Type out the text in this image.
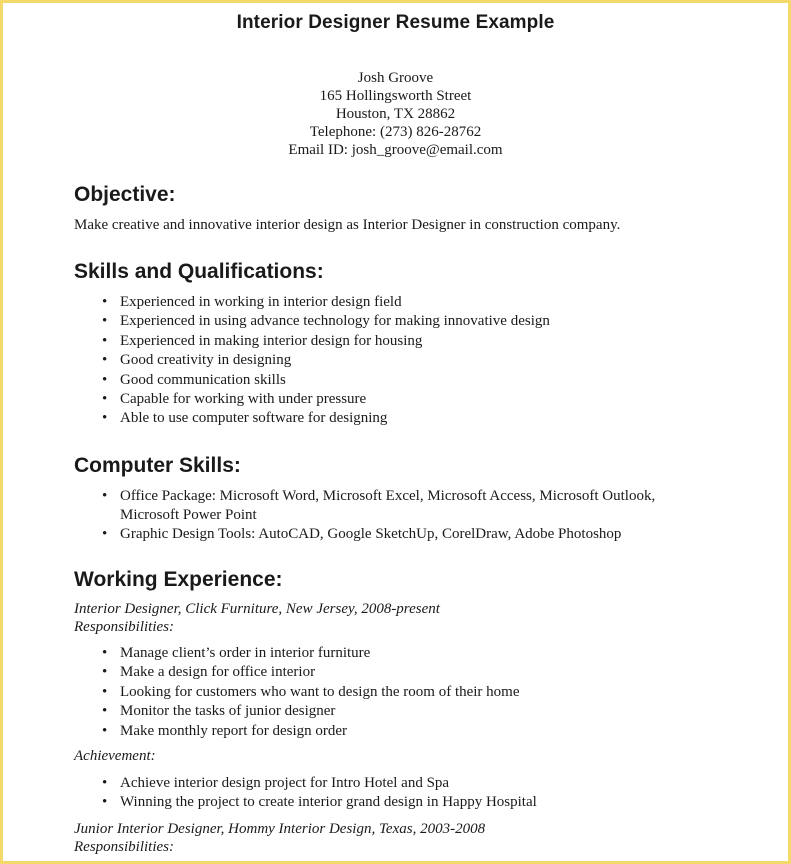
Interior Designer Resume Example
Josh Groove
165 Hollingsworth Street
Houston, TX 28862
Telephone: (273) 826-28762
Email ID: josh_groove@email.com
Objective:
Make creative and innovative interior design as Interior Designer in construction company.
Skills and Qualifications:
• Experienced in working in interior design field
• Experienced in using advance technology for making innovative design
• Experienced in making interior design for housing
• Good creativity in designing
• Good communication skills
• Capable for working with under pressure
• Able to use computer software for designing
Computer Skills:
• Office Package: Microsoft Word, Microsoft Excel, Microsoft Access, Microsoft Outlook,
Microsoft Power Point
• Graphic Design Tools: AutoCAD, Google SketchUp, CorelDraw, Adobe Photoshop
Working Experience:
Interior Designer, Click Furniture, New Jersey, 2008-present
Responsibilities:
• Manage client’s order in interior furniture
• Make a design for office interior
• Looking for customers who want to design the room of their home
• Monitor the tasks of junior designer
• Make monthly report for design order
Achievement:
• Achieve interior design project for Intro Hotel and Spa
• Winning the project to create interior grand design in Happy Hospital
Junior Interior Designer, Hommy Interior Design, Texas, 2003-2008
Responsibilities:
